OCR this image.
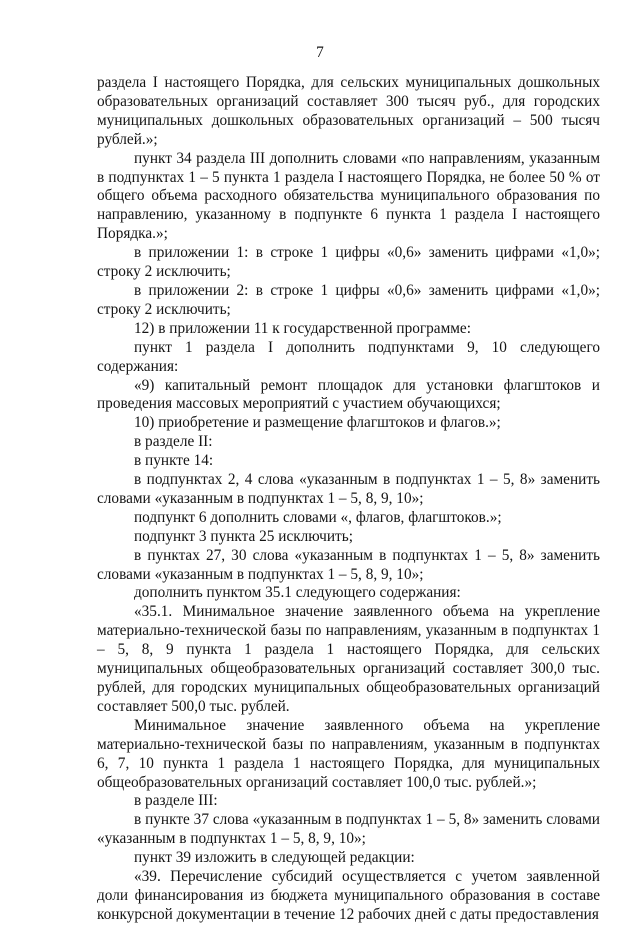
7

раздела I настоящего Порядка, для сельских муниципальных дошкольных образовательных организаций составляет 300 тысяч руб., для городских муниципальных дошкольных образовательных организаций – 500 тысяч рублей.»;

пункт 34 раздела III дополнить словами «по направлениям, указанным в подпунктах 1 – 5 пункта 1 раздела I настоящего Порядка, не более 50 % от общего объема расходного обязательства муниципального образования по направлению, указанному в подпункте 6 пункта 1 раздела I настоящего Порядка.»;

в приложении 1: в строке 1 цифры «0,6» заменить цифрами «1,0»; строку 2 исключить;

в приложении 2: в строке 1 цифры «0,6» заменить цифрами «1,0»; строку 2 исключить;

12) в приложении 11 к государственной программе:

пункт 1 раздела I дополнить подпунктами 9, 10 следующего содержания:

«9) капитальный ремонт площадок для установки флагштоков и проведения массовых мероприятий с участием обучающихся;

10) приобретение и размещение флагштоков и флагов.»;

в разделе II:

в пункте 14:

в подпунктах 2, 4 слова «указанным в подпунктах 1 – 5, 8» заменить словами «указанным в подпунктах 1 – 5, 8, 9, 10»;

подпункт 6 дополнить словами «, флагов, флагштоков.»;

подпункт 3 пункта 25 исключить;

в пунктах 27, 30 слова «указанным в подпунктах 1 – 5, 8» заменить словами «указанным в подпунктах 1 – 5, 8, 9, 10»;

дополнить пунктом 35.1 следующего содержания:

«35.1. Минимальное значение заявленного объема на укрепление материально-технической базы по направлениям, указанным в подпунктах 1 – 5, 8, 9 пункта 1 раздела 1 настоящего Порядка, для сельских муниципальных общеобразовательных организаций составляет 300,0 тыс. рублей, для городских муниципальных общеобразовательных организаций составляет 500,0 тыс. рублей.

Минимальное значение заявленного объема на укрепление материально-технической базы по направлениям, указанным в подпунктах 6, 7, 10 пункта 1 раздела 1 настоящего Порядка, для муниципальных общеобразовательных организаций составляет 100,0 тыс. рублей.»;

в разделе III:

в пункте 37 слова «указанным в подпунктах 1 – 5, 8» заменить словами «указанным в подпунктах 1 – 5, 8, 9, 10»;

пункт 39 изложить в следующей редакции:

«39. Перечисление субсидий осуществляется с учетом заявленной доли финансирования из бюджета муниципального образования в составе конкурсной документации в течение 12 рабочих дней с даты предоставления
